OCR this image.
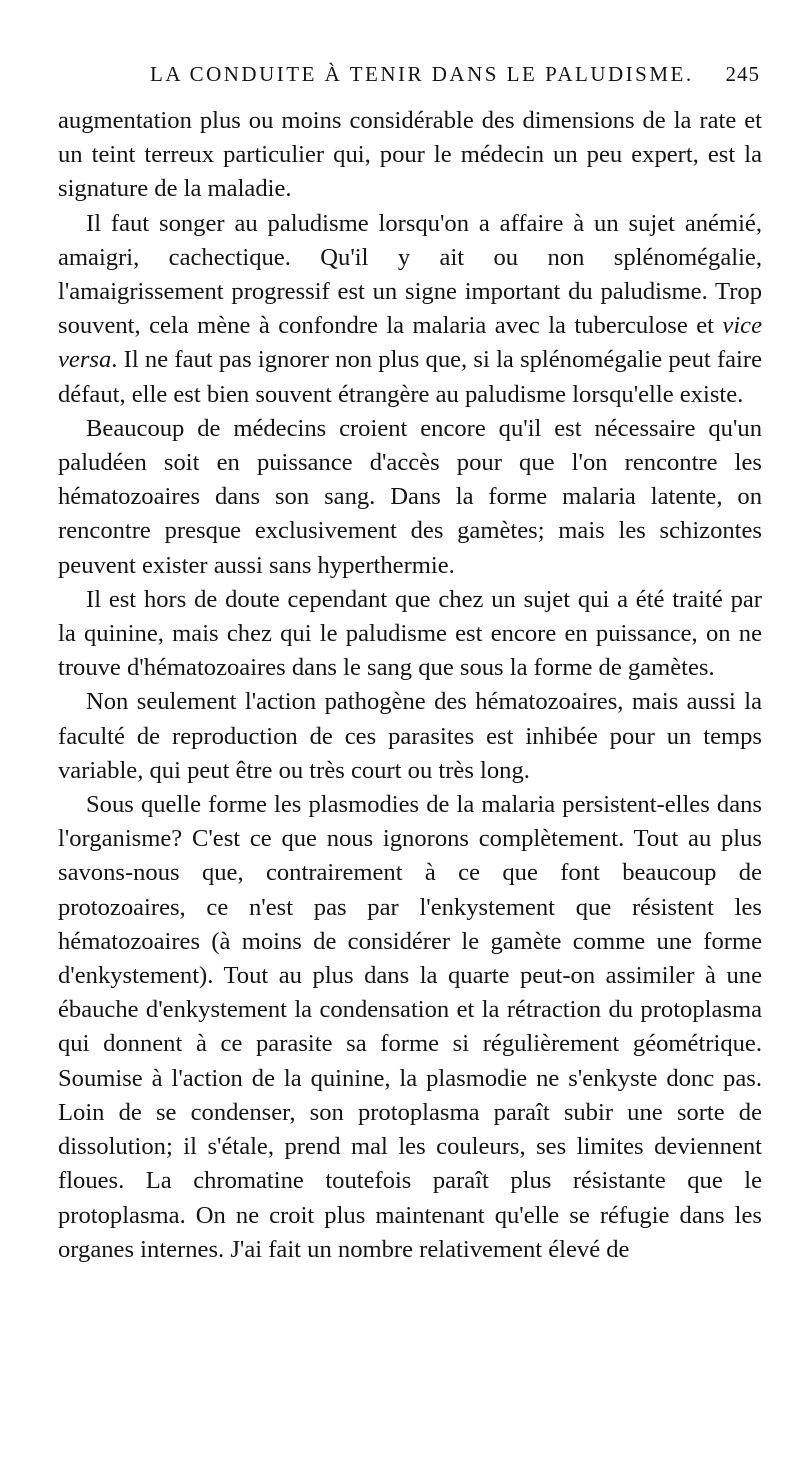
LA CONDUITE À TENIR DANS LE PALUDISME. 245

augmentation plus ou moins considérable des dimensions de la rate et un teint terreux particulier qui, pour le médecin un peu expert, est la signature de la maladie.

Il faut songer au paludisme lorsqu'on a affaire à un sujet anémié, amaigri, cachectique. Qu'il y ait ou non splénomégalie, l'amaigrissement progressif est un signe important du paludisme. Trop souvent, cela mène à confondre la malaria avec la tuberculose et vice versa. Il ne faut pas ignorer non plus que, si la splénomégalie peut faire défaut, elle est bien souvent étrangère au paludisme lorsqu'elle existe.

Beaucoup de médecins croient encore qu'il est nécessaire qu'un paludéen soit en puissance d'accès pour que l'on rencontre les hématozoaires dans son sang. Dans la forme malaria latente, on rencontre presque exclusivement des gamètes; mais les schizontes peuvent exister aussi sans hyperthermie.

Il est hors de doute cependant que chez un sujet qui a été traité par la quinine, mais chez qui le paludisme est encore en puissance, on ne trouve d'hématozoaires dans le sang que sous la forme de gamètes.

Non seulement l'action pathogène des hématozoaires, mais aussi la faculté de reproduction de ces parasites est inhibée pour un temps variable, qui peut être ou très court ou très long.

Sous quelle forme les plasmodies de la malaria persistent-elles dans l'organisme? C'est ce que nous ignorons complètement. Tout au plus savons-nous que, contrairement à ce que font beaucoup de protozoaires, ce n'est pas par l'enkystement que résistent les hématozoaires (à moins de considérer le gamète comme une forme d'enkystement). Tout au plus dans la quarte peut-on assimiler à une ébauche d'enkystement la condensation et la rétraction du protoplasma qui donnent à ce parasite sa forme si régulièrement géométrique. Soumise à l'action de la quinine, la plasmodie ne s'enkyste donc pas. Loin de se condenser, son protoplasma paraît subir une sorte de dissolution; il s'étale, prend mal les couleurs, ses limites deviennent floues. La chromatine toutefois paraît plus résistante que le protoplasma. On ne croit plus maintenant qu'elle se réfugie dans les organes internes. J'ai fait un nombre relativement élevé de
